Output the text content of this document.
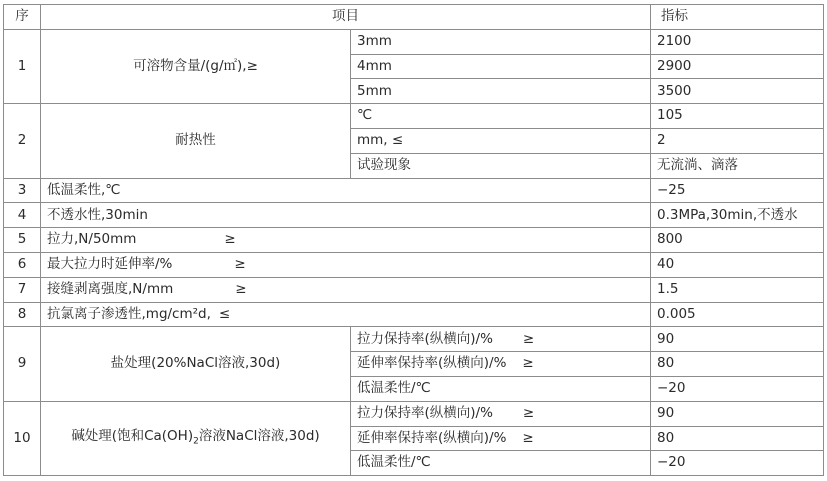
序	项目		指标
1	可溶物含量/(g/㎡),≥	3mm	2100
		4mm	2900
		5mm	3500
2	耐热性	℃	105
		mm, ≤	2
		试验现象	无流淌、滴落
3	低温柔性,℃		−25
4	不透水性,30min		0.3MPa,30min,不透水
5	拉力,N/50mm ≥		800
6	最大拉力时延伸率/% ≥		40
7	接缝剥离强度,N/mm ≥		1.5
8	抗氯离子渗透性,mg/cm²d, ≤		0.005
9	盐处理(20%NaCl溶液,30d)	拉力保持率(纵横向)/% ≥	90
		延伸率保持率(纵横向)/% ≥	80
		低温柔性/℃	−20
10	碱处理(饱和$Ca(OH)_2$溶液NaCl溶液,30d)	拉力保持率(纵横向)/% ≥	90
		延伸率保持率(纵横向)/% ≥	80
		低温柔性/℃	−20
